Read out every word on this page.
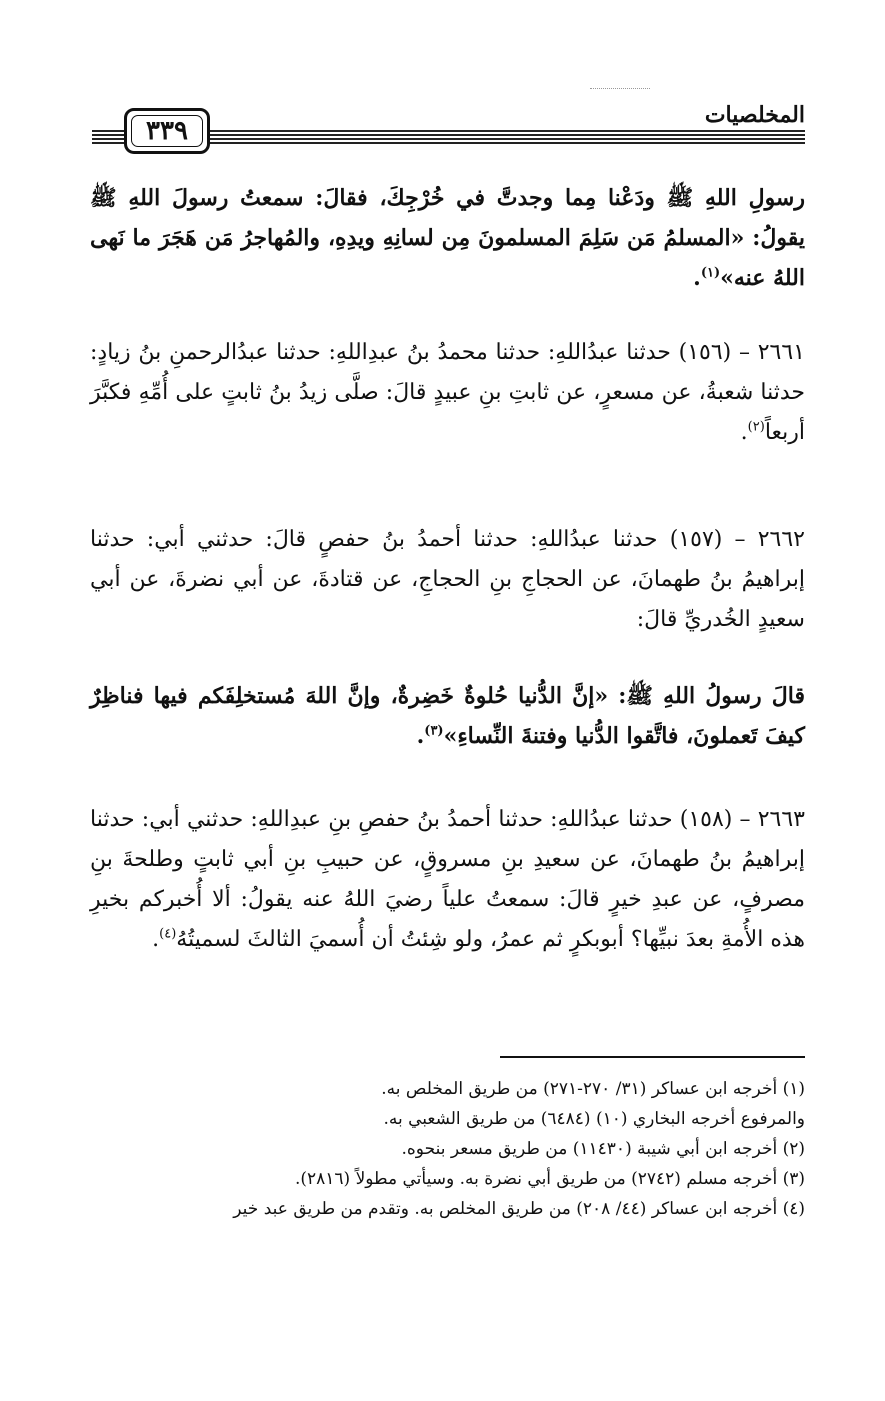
المخلصيات
٣٣٩

رسولِ اللهِ ﷺ ودَعْنا مِما وجدتَّ في خُرْجِكَ، فقالَ: سمعتُ رسولَ اللهِ ﷺ يقولُ: «المسلمُ مَن سَلِمَ المسلمونَ مِن لسانِهِ ويدِهِ، والمُهاجرُ مَن هَجَرَ ما نَهى اللهُ عنه»$^{(١)}$.

٢٦٦١ – (١٥٦) حدثنا عبدُاللهِ: حدثنا محمدُ بنُ عبدِاللهِ: حدثنا عبدُالرحمنِ بنُ زيادٍ: حدثنا شعبةُ، عن مسعرٍ، عن ثابتِ بنِ عبيدٍ قالَ: صلَّى زيدُ بنُ ثابتٍ على أُمِّهِ فكبَّرَ أربعاً$^{(٢)}$.

٢٦٦٢ – (١٥٧) حدثنا عبدُاللهِ: حدثنا أحمدُ بنُ حفصٍ قالَ: حدثني أبي: حدثنا إبراهيمُ بنُ طهمانَ، عن الحجاجِ بنِ الحجاجِ، عن قتادةَ، عن أبي نضرةَ، عن أبي سعيدٍ الخُدريِّ قالَ:

قالَ رسولُ اللهِ ﷺ: «إنَّ الدُّنيا حُلوةٌ خَضِرةٌ، وإنَّ اللهَ مُستخلِفَكم فيها فناظِرٌ كيفَ تَعملونَ، فاتَّقوا الدُّنيا وفتنةَ النِّساءِ»$^{(٣)}$.

٢٦٦٣ – (١٥٨) حدثنا عبدُاللهِ: حدثنا أحمدُ بنُ حفصِ بنِ عبدِاللهِ: حدثني أبي: حدثنا إبراهيمُ بنُ طهمانَ، عن سعيدِ بنِ مسروقٍ، عن حبيبِ بنِ أبي ثابتٍ وطلحةَ بنِ مصرفٍ، عن عبدِ خيرٍ قالَ: سمعتُ علياً رضيَ اللهُ عنه يقولُ: ألا أُخبركم بخيرِ هذه الأُمةِ بعدَ نبيِّها؟ أبوبكرٍ ثم عمرُ، ولو شِئتُ أن أُسميَ الثالثَ لسميتُهُ$^{(٤)}$.

(١) أخرجه ابن عساكر (٣١/ ٢٧٠-٢٧١) من طريق المخلص به.

والمرفوع أخرجه البخاري (١٠) (٦٤٨٤) من طريق الشعبي به.

(٢) أخرجه ابن أبي شيبة (١١٤٣٠) من طريق مسعر بنحوه.

(٣) أخرجه مسلم (٢٧٤٢) من طريق أبي نضرة به. وسيأتي مطولاً (٢٨١٦).

(٤) أخرجه ابن عساكر (٤٤/ ٢٠٨) من طريق المخلص به. وتقدم من طريق عبد خير
